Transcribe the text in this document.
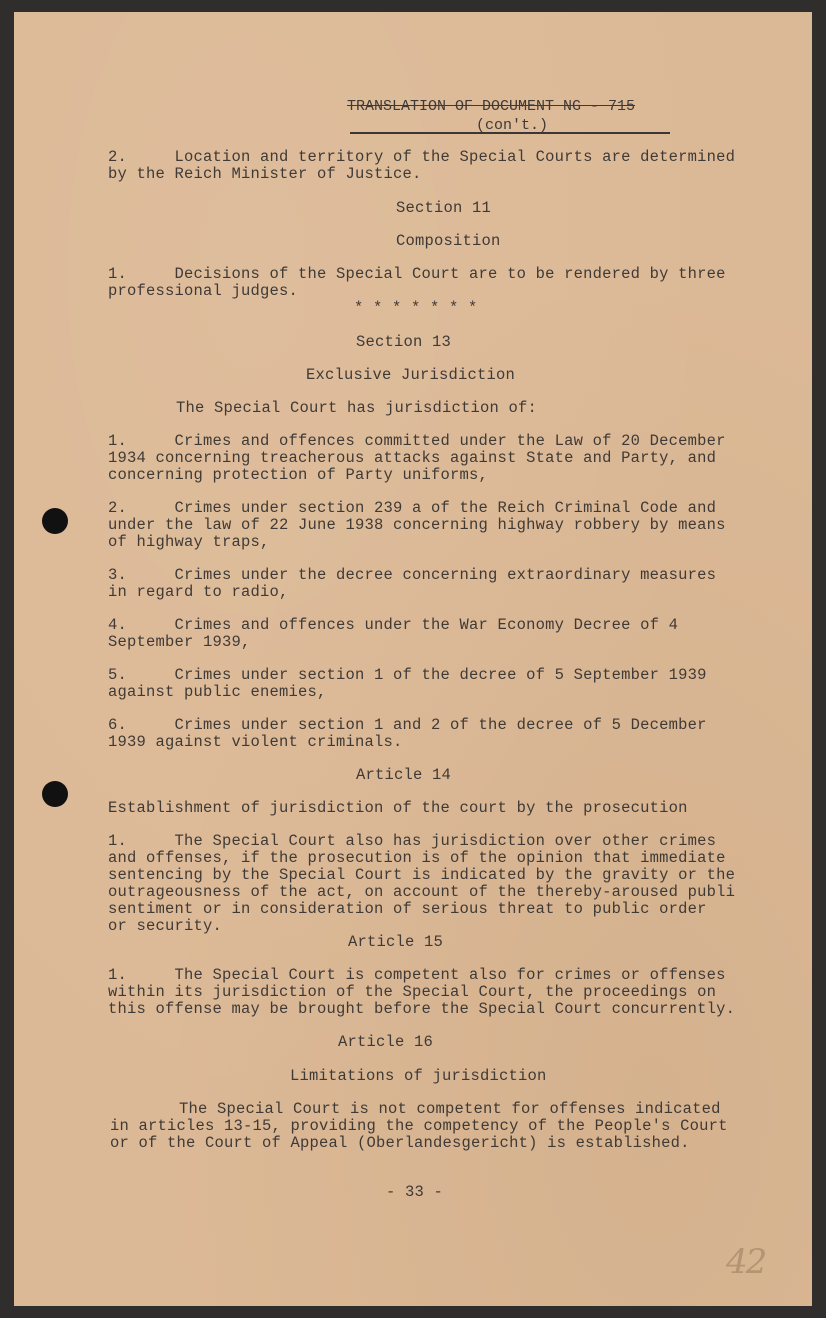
TRANSLATION OF DOCUMENT NG - 715
(con't.)
2.     Location and territory of the Special Courts are determined
by the Reich Minister of Justice.
Section 11
Composition
1.     Decisions of the Special Court are to be rendered by three
professional judges.
* * * * * * *
Section 13
Exclusive Jurisdiction
The Special Court has jurisdiction of:
1.     Crimes and offences committed under the Law of 20 December
1934 concerning treacherous attacks against State and Party, and
concerning protection of Party uniforms,
2.     Crimes under section 239 a of the Reich Criminal Code and
under the law of 22 June 1938 concerning highway robbery by means
of highway traps,
3.     Crimes under the decree concerning extraordinary measures
in regard to radio,
4.     Crimes and offences under the War Economy Decree of 4
September 1939,
5.     Crimes under section 1 of the decree of 5 September 1939
against public enemies,
6.     Crimes under section 1 and 2 of the decree of 5 December
1939 against violent criminals.
Article 14
Establishment of jurisdiction of the court by the prosecution
1.     The Special Court also has jurisdiction over other crimes
and offenses, if the prosecution is of the opinion that immediate
sentencing by the Special Court is indicated by the gravity or the
outrageousness of the act, on account of the thereby-aroused publi
sentiment or in consideration of serious threat to public order
or security.
Article 15
1.     The Special Court is competent also for crimes or offenses
within its jurisdiction of the Special Court, the proceedings on
this offense may be brought before the Special Court concurrently.
Article 16
Limitations of jurisdiction
The Special Court is not competent for offenses indicated
in articles 13-15, providing the competency of the People's Court
or of the Court of Appeal (Oberlandesgericht) is established.
- 33 -
42
